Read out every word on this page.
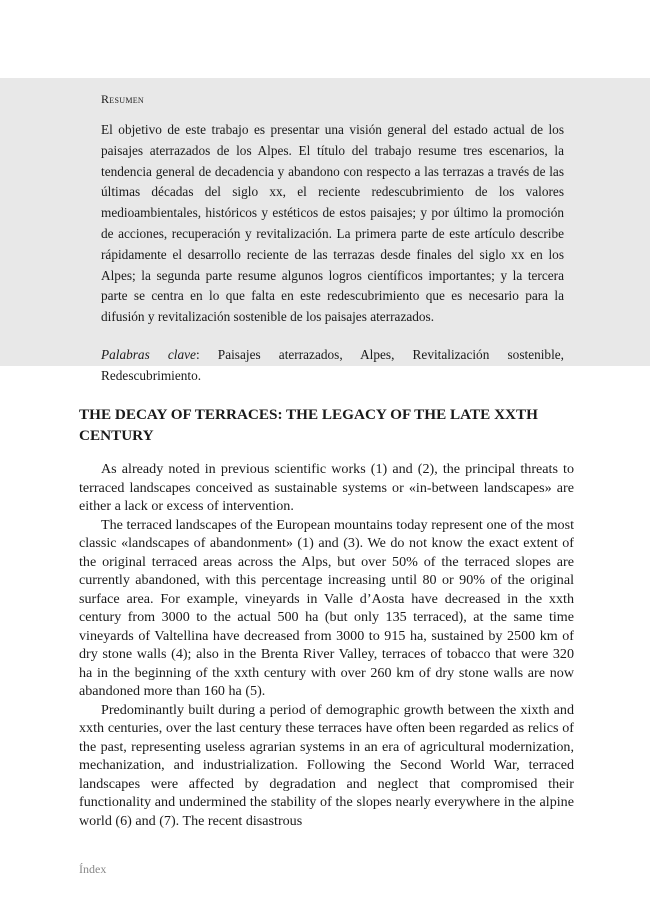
Resumen

El objetivo de este trabajo es presentar una visión general del estado actual de los paisajes aterrazados de los Alpes. El título del trabajo resume tres escenarios, la tendencia general de decadencia y abandono con respecto a las terrazas a través de las últimas décadas del siglo xx, el reciente redescubrimiento de los valores medioambientales, históricos y estéticos de estos paisajes; y por último la promoción de acciones, recuperación y revitalización. La primera parte de este artículo describe rápidamente el desarrollo reciente de las terrazas desde finales del siglo xx en los Alpes; la segunda parte resume algunos logros científicos importantes; y la tercera parte se centra en lo que falta en este redescubrimiento que es necesario para la difusión y revitalización sostenible de los paisajes aterrazados.

Palabras clave: Paisajes aterrazados, Alpes, Revitalización sostenible, Redescubrimiento.

THE DECAY OF TERRACES: THE LEGACY OF THE LATE XXTH CENTURY

As already noted in previous scientific works (1) and (2), the principal threats to terraced landscapes conceived as sustainable systems or «in-between landscapes» are either a lack or excess of intervention.

The terraced landscapes of the European mountains today represent one of the most classic «landscapes of abandonment» (1) and (3). We do not know the exact extent of the original terraced areas across the Alps, but over 50% of the terraced slopes are currently abandoned, with this percentage increasing until 80 or 90% of the original surface area. For example, vineyards in Valle d’Aosta have decreased in the xxth century from 3000 to the actual 500 ha (but only 135 terraced), at the same time vineyards of Valtellina have decreased from 3000 to 915 ha, sustained by 2500 km of dry stone walls (4); also in the Brenta River Valley, terraces of tobacco that were 320 ha in the beginning of the xxth century with over 260 km of dry stone walls are now abandoned more than 160 ha (5).

Predominantly built during a period of demographic growth between the xixth and xxth centuries, over the last century these terraces have often been regarded as relics of the past, representing useless agrarian systems in an era of agricultural modernization, mechanization, and industrialization. Following the Second World War, terraced landscapes were affected by degradation and neglect that compromised their functionality and undermined the stability of the slopes nearly everywhere in the alpine world (6) and (7). The recent disastrous

Índex
